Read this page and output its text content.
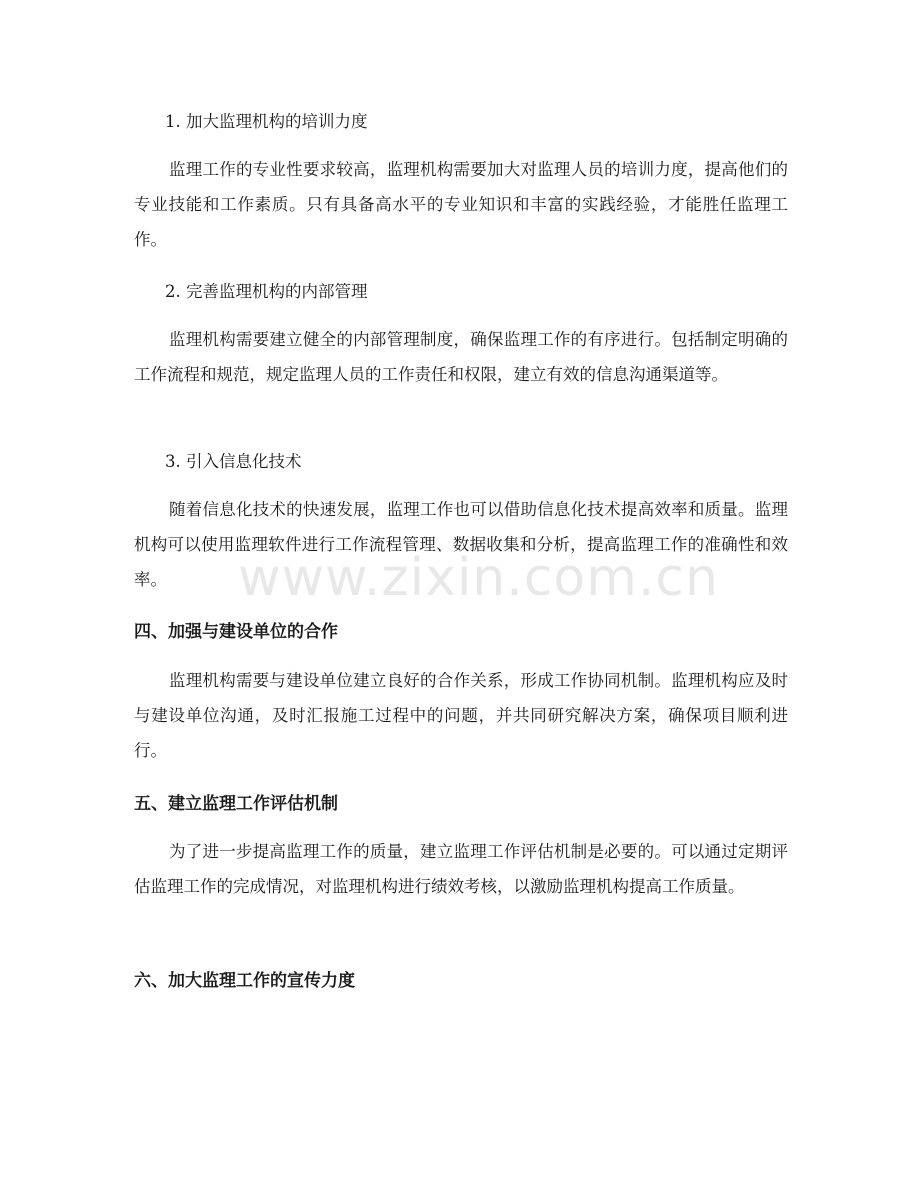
1. 加大监理机构的培训力度

监理工作的专业性要求较高，监理机构需要加大对监理人员的培训力度，提高他们的专业技能和工作素质。只有具备高水平的专业知识和丰富的实践经验，才能胜任监理工作。

2. 完善监理机构的内部管理

监理机构需要建立健全的内部管理制度，确保监理工作的有序进行。包括制定明确的工作流程和规范，规定监理人员的工作责任和权限，建立有效的信息沟通渠道等。

3. 引入信息化技术

随着信息化技术的快速发展，监理工作也可以借助信息化技术提高效率和质量。监理机构可以使用监理软件进行工作流程管理、数据收集和分析，提高监理工作的准确性和效率。

四、加强与建设单位的合作

监理机构需要与建设单位建立良好的合作关系，形成工作协同机制。监理机构应及时与建设单位沟通，及时汇报施工过程中的问题，并共同研究解决方案，确保项目顺利进行。

五、建立监理工作评估机制

为了进一步提高监理工作的质量，建立监理工作评估机制是必要的。可以通过定期评估监理工作的完成情况，对监理机构进行绩效考核，以激励监理机构提高工作质量。

六、加大监理工作的宣传力度
www.zixin.com.cn
